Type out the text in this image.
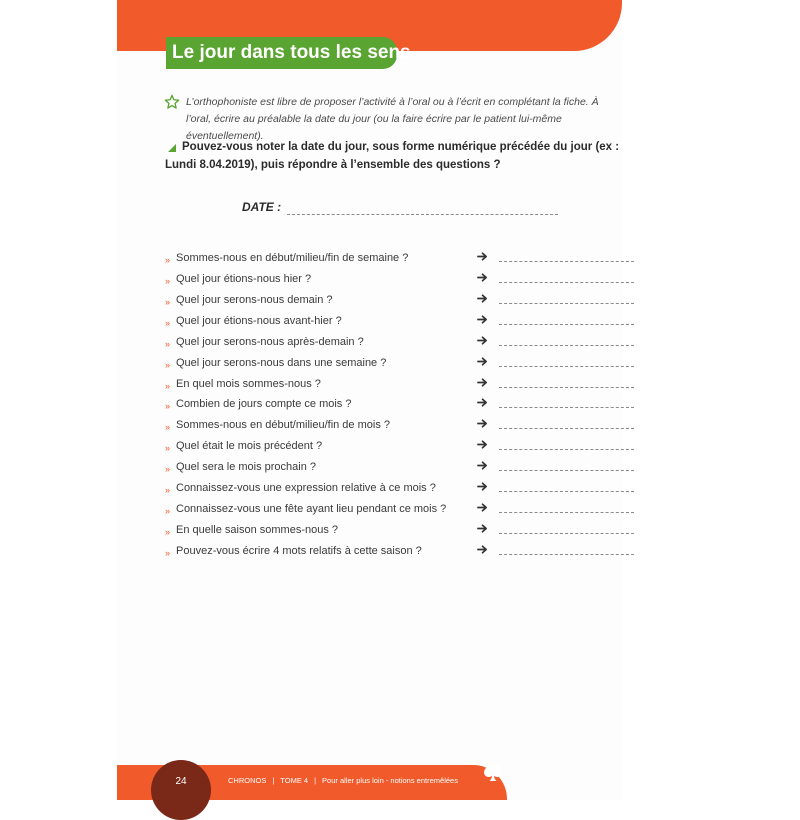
Le jour dans tous les sens
L’orthophoniste est libre de proposer l’activité à l’oral ou à l’écrit en complétant la fiche. À l’oral, écrire au préalable la date du jour (ou la faire écrire par le patient lui-même éventuellement).
Pouvez-vous noter la date du jour, sous forme numérique précédée du jour (ex : Lundi 8.04.2019), puis répondre à l’ensemble des questions ?
DATE :
» Sommes-nous en début/milieu/fin de semaine ?
» Quel jour étions-nous hier ?
» Quel jour serons-nous demain ?
» Quel jour étions-nous avant-hier ?
» Quel jour serons-nous après-demain ?
» Quel jour serons-nous dans une semaine ?
» En quel mois sommes-nous ?
» Combien de jours compte ce mois ?
» Sommes-nous en début/milieu/fin de mois ?
» Quel était le mois précédent ?
» Quel sera le mois prochain ?
» Connaissez-vous une expression relative à ce mois ?
» Connaissez-vous une fête ayant lieu pendant ce mois ?
» En quelle saison sommes-nous ?
» Pouvez-vous écrire 4 mots relatifs à cette saison ?
24	CHRONOS | TOME 4 | Pour aller plus loin - notions entremêlées
